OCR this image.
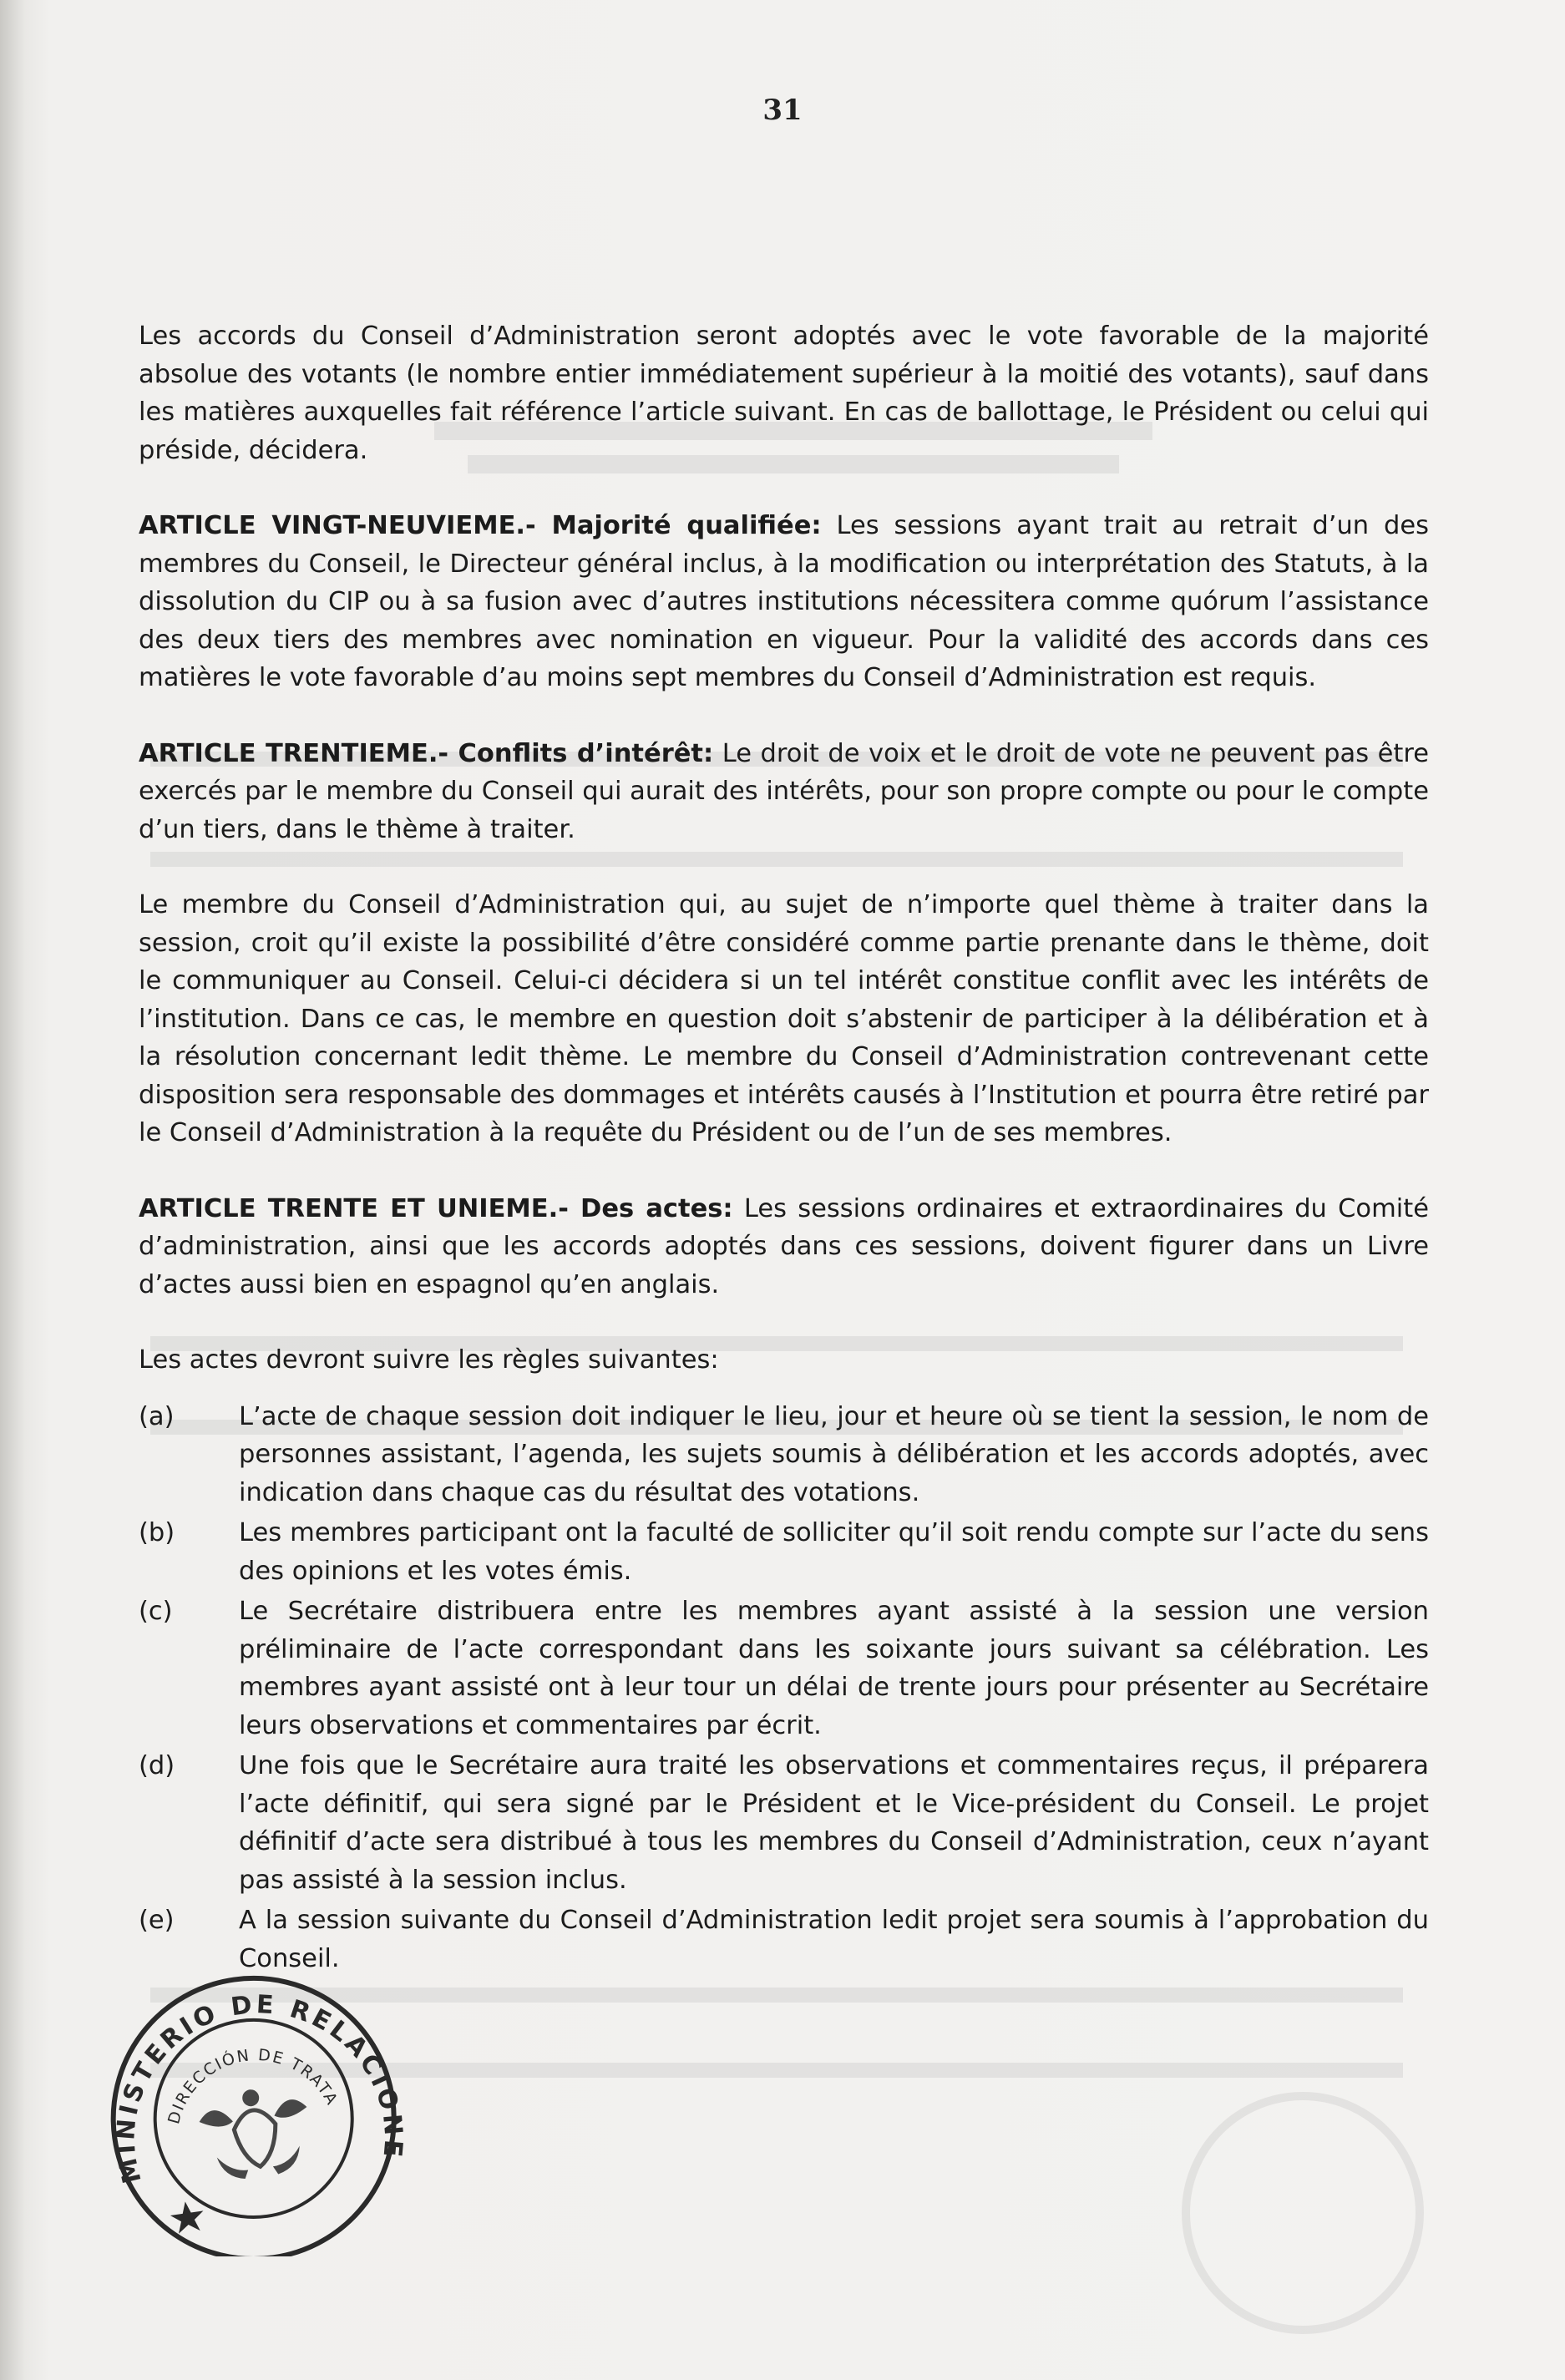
31

Les accords du Conseil d’Administration seront adoptés avec le vote favorable de la majorité absolue des votants (le nombre entier immédiatement supérieur à la moitié des votants), sauf dans les matières auxquelles fait référence l’article suivant. En cas de ballottage, le Président ou celui qui préside, décidera.

ARTICLE VINGT-NEUVIEME.- Majorité qualifiée: Les sessions ayant trait au retrait d’un des membres du Conseil, le Directeur général inclus, à la modification ou interprétation des Statuts, à la dissolution du CIP ou à sa fusion avec d’autres institutions nécessitera comme quórum l’assistance des deux tiers des membres avec nomination en vigueur. Pour la validité des accords dans ces matières le vote favorable d’au moins sept membres du Conseil d’Administration est requis.

ARTICLE TRENTIEME.- Conflits d’intérêt: Le droit de voix et le droit de vote ne peuvent pas être exercés par le membre du Conseil qui aurait des intérêts, pour son propre compte ou pour le compte d’un tiers, dans le thème à traiter.

Le membre du Conseil d’Administration qui, au sujet de n’importe quel thème à traiter dans la session, croit qu’il existe la possibilité d’être considéré comme partie prenante dans le thème, doit le communiquer au Conseil. Celui-ci décidera si un tel intérêt constitue conflit avec les intérêts de l’institution. Dans ce cas, le membre en question doit s’abstenir de participer à la délibération et à la résolution concernant ledit thème. Le membre du Conseil d’Administration contrevenant cette disposition sera responsable des dommages et intérêts causés à l’Institution et pourra être retiré par le Conseil d’Administration à la requête du Président ou de l’un de ses membres.

ARTICLE TRENTE ET UNIEME.- Des actes: Les sessions ordinaires et extraordinaires du Comité d’administration, ainsi que les accords adoptés dans ces sessions, doivent figurer dans un Livre d’actes aussi bien en espagnol qu’en anglais.

Les actes devront suivre les règles suivantes:

(a)	L’acte de chaque session doit indiquer le lieu, jour et heure où se tient la session, le nom de personnes assistant, l’agenda, les sujets soumis à délibération et les accords adoptés, avec indication dans chaque cas du résultat des votations.
(b)	Les membres participant ont la faculté de solliciter qu’il soit rendu compte sur l’acte du sens des opinions et les votes émis.
(c)	Le Secrétaire distribuera entre les membres ayant assisté à la session une version préliminaire de l’acte correspondant dans les soixante jours suivant sa célébration. Les membres ayant assisté ont à leur tour un délai de trente jours pour présenter au Secrétaire leurs observations et commentaires par écrit.
(d)	Une fois que le Secrétaire aura traité les observations et commentaires reçus, il préparera l’acte définitif, qui sera signé par le Président et le Vice-président du Conseil. Le projet définitif d’acte sera distribué à tous les membres du Conseil d’Administration, ceux n’ayant pas assisté à la session inclus.
(e)	A la session suivante du Conseil d’Administration ledit projet sera soumis à l’approbation du Conseil.
MINISTERIO DE RELACIONES
DIRECCIÓN DE TRATADOS
